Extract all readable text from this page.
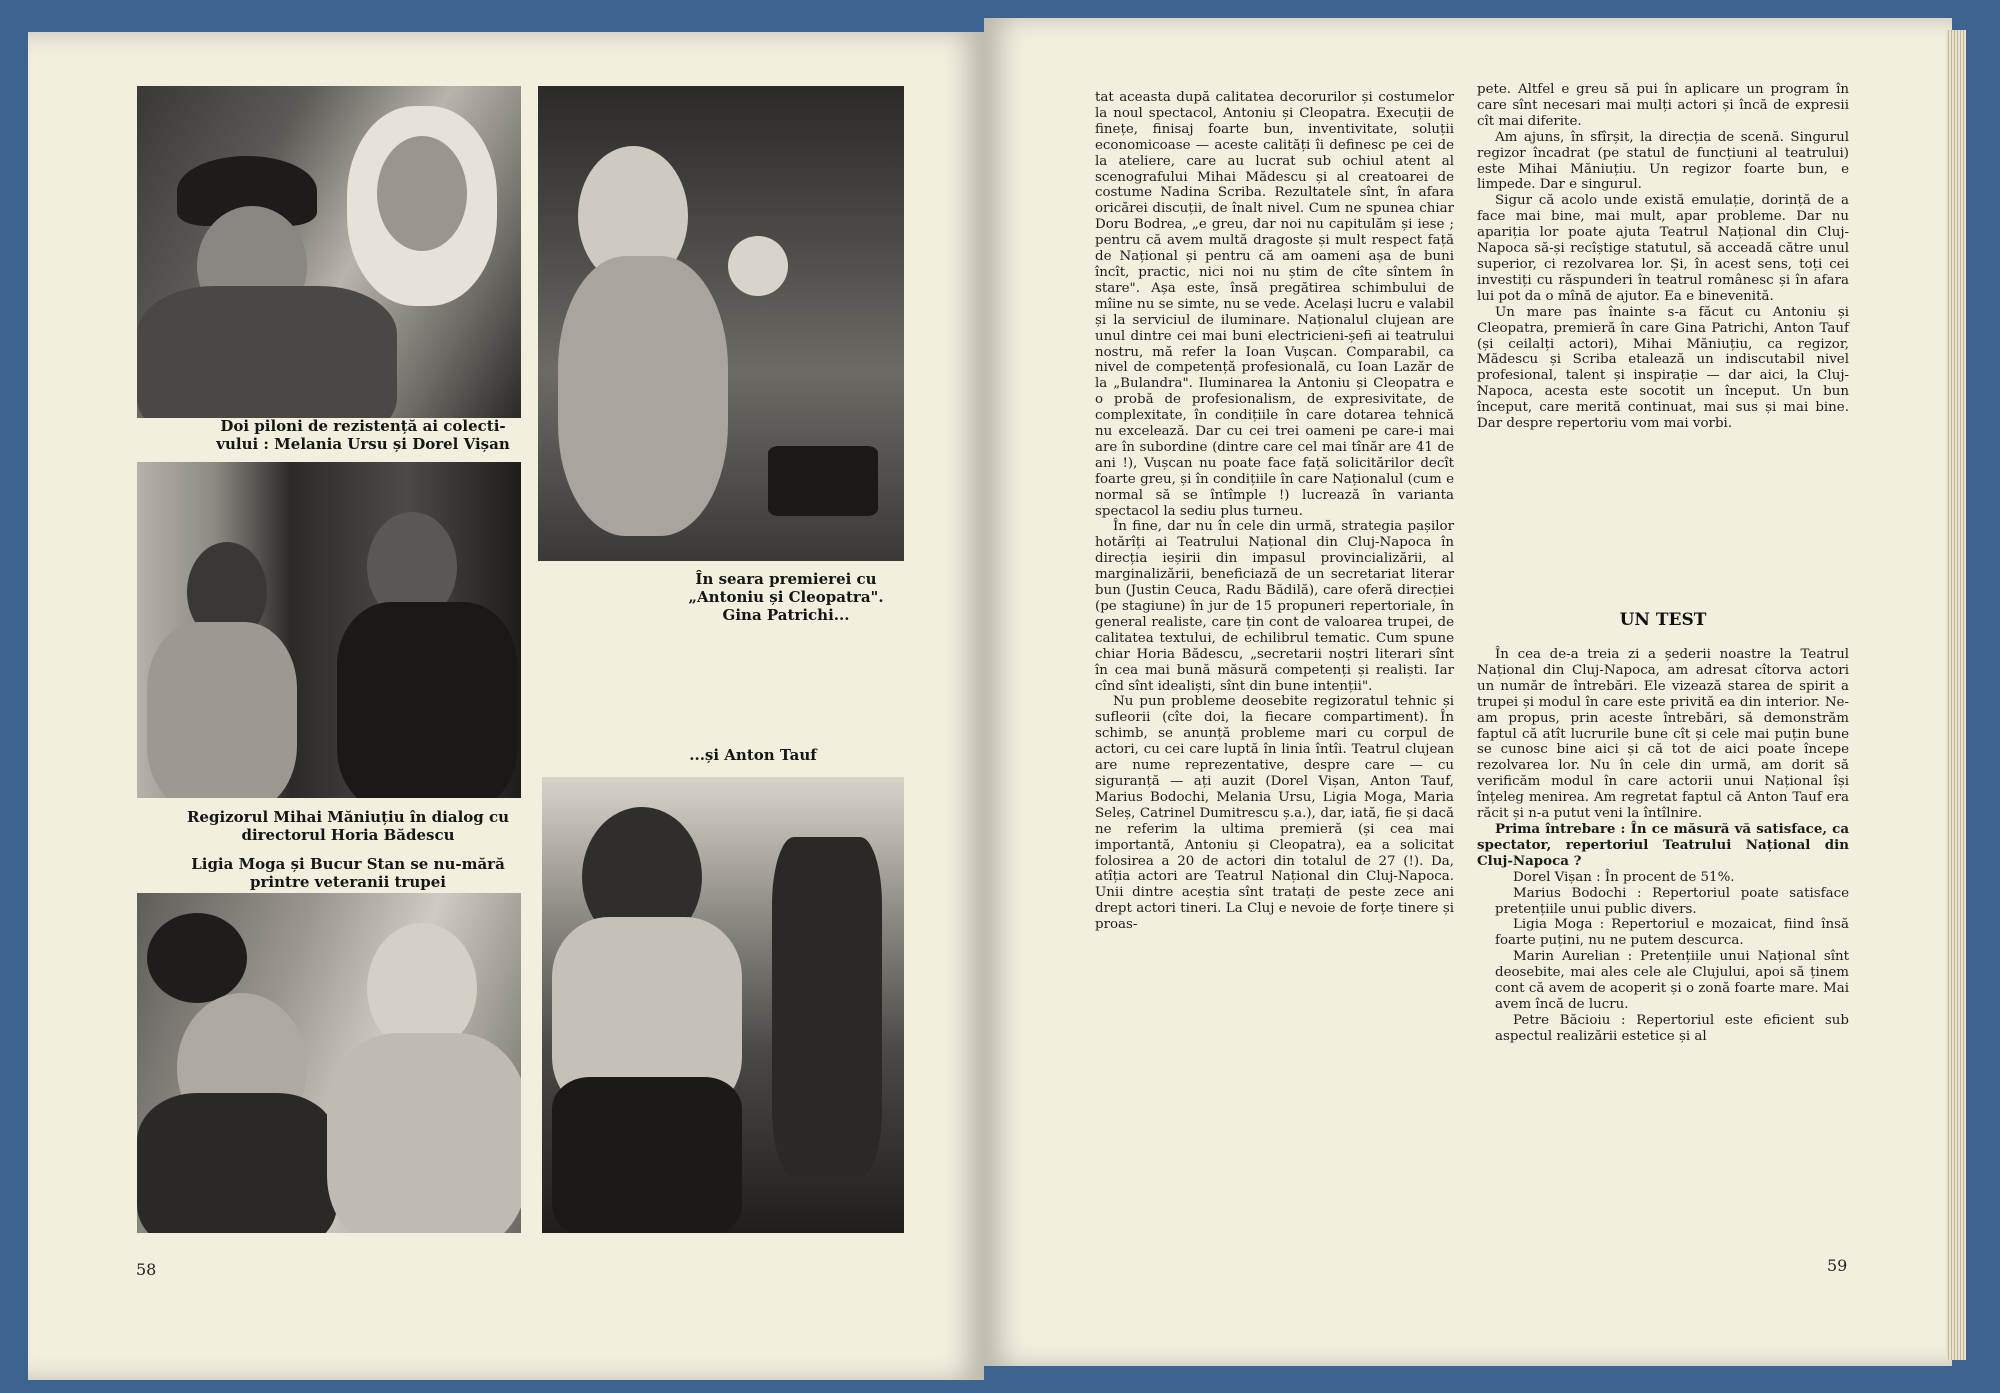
Doi piloni de rezistență ai colecti-vului : Melania Ursu și Dorel Vișan
În seara premierei cu „Antoniu și Cleopatra". Gina Patrichi...
Regizorul Mihai Măniuțiu în dialog cu directorul Horia Bădescu
...și Anton Tauf
Ligia Moga și Bucur Stan se nu-mără printre veteranii trupei
58

tat aceasta după calitatea decorurilor și costumelor la noul spectacol, Antoniu și Cleopatra. Execuții de finețe, finisaj foarte bun, inventivitate, soluții economicoase — aceste calități îi definesc pe cei de la ateliere, care au lucrat sub ochiul atent al scenografului Mihai Mădescu și al creatoarei de costume Nadina Scriba. Rezultatele sînt, în afara oricărei discuții, de înalt nivel. Cum ne spunea chiar Doru Bodrea, „e greu, dar noi nu capitulăm și iese ; pentru că avem multă dragoste și mult respect față de Național și pentru că am oameni așa de buni încît, practic, nici noi nu știm de cîte sîntem în stare". Așa este, însă pregătirea schimbului de mîine nu se simte, nu se vede. Același lucru e valabil și la serviciul de iluminare. Naționalul clujean are unul dintre cei mai buni electricieni-șefi ai teatrului nostru, mă refer la Ioan Vușcan. Comparabil, ca nivel de competență profesională, cu Ioan Lazăr de la „Bulandra". Iluminarea la Antoniu și Cleopatra e o probă de profesionalism, de expresivitate, de complexitate, în condițiile în care dotarea tehnică nu excelează. Dar cu cei trei oameni pe care-i mai are în subordine (dintre care cel mai tînăr are 41 de ani !), Vușcan nu poate face față solicitărilor decît foarte greu, și în condițiile în care Naționalul (cum e normal să se întîmple !) lucrează în varianta spectacol la sediu plus turneu.

În fine, dar nu în cele din urmă, strategia pașilor hotărîți ai Teatrului Național din Cluj-Napoca în direcția ieșirii din impasul provincializării, al marginalizării, beneficiază de un secretariat literar bun (Justin Ceuca, Radu Bădilă), care oferă direcției (pe stagiune) în jur de 15 propuneri repertoriale, în general realiste, care țin cont de valoarea trupei, de calitatea textului, de echilibrul tematic. Cum spune chiar Horia Bădescu, „secretarii noștri literari sînt în cea mai bună măsură competenți și realiști. Iar cînd sînt idealiști, sînt din bune intenții".

Nu pun probleme deosebite regizoratul tehnic și sufleorii (cîte doi, la fiecare compartiment). În schimb, se anunță probleme mari cu corpul de actori, cu cei care luptă în linia întîi. Teatrul clujean are nume reprezentative, despre care — cu siguranță — ați auzit (Dorel Vișan, Anton Tauf, Marius Bodochi, Melania Ursu, Ligia Moga, Maria Seleș, Catrinel Dumitrescu ș.a.), dar, iată, fie și dacă ne referim la ultima premieră (și cea mai importantă, Antoniu și Cleopatra), ea a solicitat folosirea a 20 de actori din totalul de 27 (!). Da, atîția actori are Teatrul Național din Cluj-Napoca. Unii dintre aceștia sînt tratați de peste zece ani drept actori tineri. La Cluj e nevoie de forțe tinere și proas-

pete. Altfel e greu să pui în aplicare un program în care sînt necesari mai mulți actori și încă de expresii cît mai diferite.

Am ajuns, în sfîrșit, la direcția de scenă. Singurul regizor încadrat (pe statul de funcțiuni al teatrului) este Mihai Măniuțiu. Un regizor foarte bun, e limpede. Dar e singurul.

Sigur că acolo unde există emulație, dorință de a face mai bine, mai mult, apar probleme. Dar nu apariția lor poate ajuta Teatrul Național din Cluj-Napoca să-și recîștige statutul, să acceadă către unul superior, ci rezolvarea lor. Și, în acest sens, toți cei investiți cu răspunderi în teatrul românesc și în afara lui pot da o mînă de ajutor. Ea e binevenită.

Un mare pas înainte s-a făcut cu Antoniu și Cleopatra, premieră în care Gina Patrichi, Anton Tauf (și ceilalți actori), Mihai Măniuțiu, ca regizor, Mădescu și Scriba etalează un indiscutabil nivel profesional, talent și inspirație — dar aici, la Cluj-Napoca, acesta este socotit un început. Un bun început, care merită continuat, mai sus și mai bine. Dar despre repertoriu vom mai vorbi.

UN TEST

În cea de-a treia zi a șederii noastre la Teatrul Național din Cluj-Napoca, am adresat cîtorva actori un număr de întrebări. Ele vizează starea de spirit a trupei și modul în care este privită ea din interior. Ne-am propus, prin aceste întrebări, să demonstrăm faptul că atît lucrurile bune cît și cele mai puțin bune se cunosc bine aici și că tot de aici poate începe rezolvarea lor. Nu în cele din urmă, am dorit să verificăm modul în care actorii unui Național își înțeleg menirea. Am regretat faptul că Anton Tauf era răcit și n-a putut veni la întîlnire.

Prima întrebare : În ce măsură vă satisface, ca spectator, repertoriul Teatrului Național din Cluj-Napoca ?

Dorel Vișan : În procent de 51%.

Marius Bodochi : Repertoriul poate satisface pretențiile unui public divers.

Ligia Moga : Repertoriul e mozaicat, fiind însă foarte puțini, nu ne putem descurca.

Marin Aurelian : Pretențiile unui Național sînt deosebite, mai ales cele ale Clujului, apoi să ținem cont că avem de acoperit și o zonă foarte mare. Mai avem încă de lucru.

Petre Băcioiu : Repertoriul este eficient sub aspectul realizării estetice și al

59
